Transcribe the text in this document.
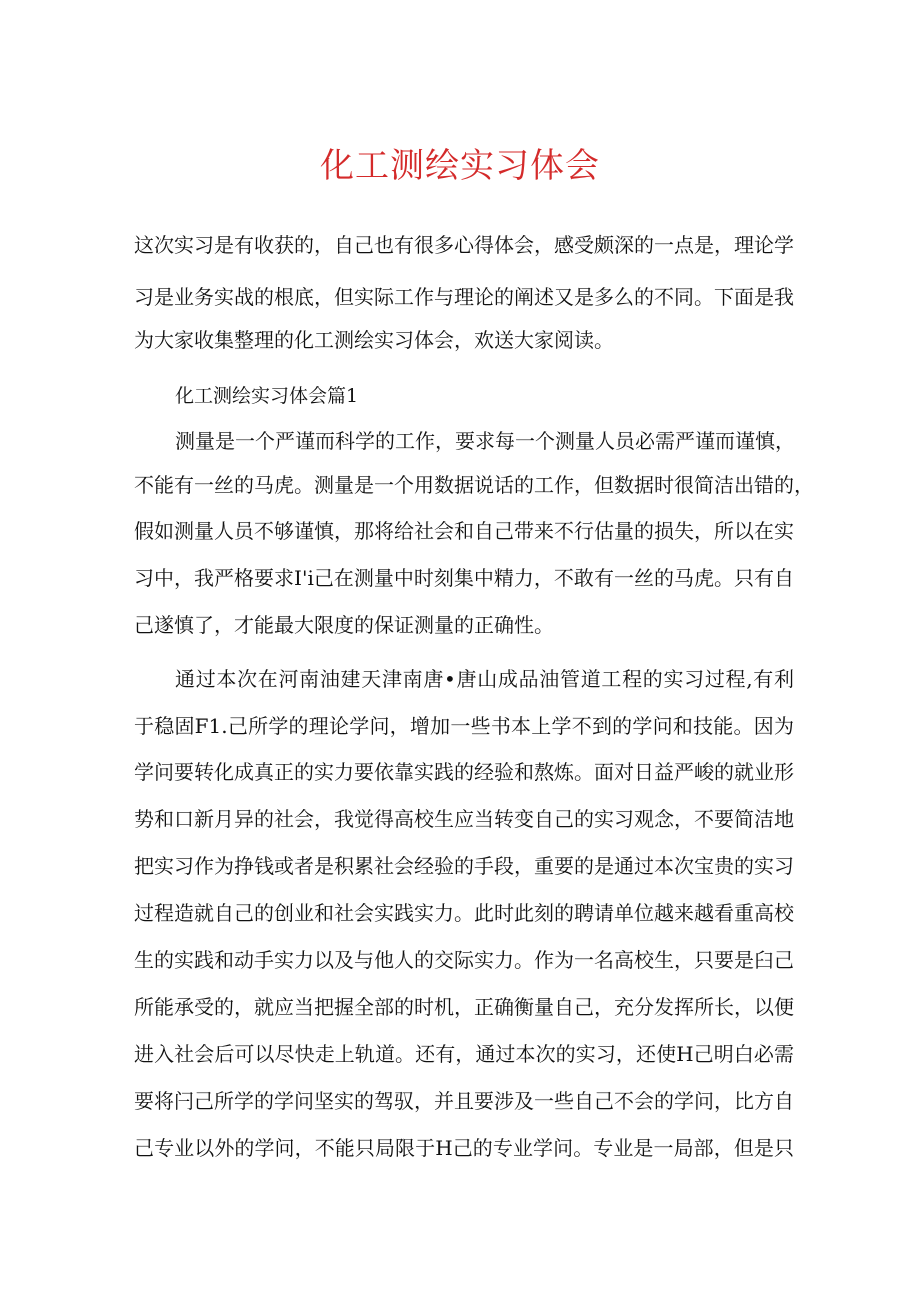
化工测绘实习体会

这次实习是有收获的，自己也有很多心得体会，感受颇深的一点是，理论学

习是业务实战的根底，但实际工作与理论的阐述又是多么的不同。下面是我

为大家收集整理的化工测绘实习体会，欢送大家阅读。

化工测绘实习体会篇1

测量是一个严谨而科学的工作，要求每一个测量人员必需严谨而谨慎，

不能有一丝的马虎。测量是一个用数据说话的工作，但数据时很简洁出错的，

假如测量人员不够谨慎，那将给社会和自己带来不行估量的损失，所以在实

习中，我严格要求I'i己在测量中时刻集中精力，不敢有一丝的马虎。只有自

己遂慎了，才能最大限度的保证测量的正确性。

通过本次在河南油建天津南唐•唐山成品油管道工程的实习过程,有利

于稳固F1.己所学的理论学问，增加一些书本上学不到的学问和技能。因为

学问要转化成真正的实力要依靠实践的经验和熬炼。面对日益严峻的就业形

势和口新月异的社会，我觉得高校生应当转变自己的实习观念，不要简洁地

把实习作为挣钱或者是积累社会经验的手段，重要的是通过本次宝贵的实习

过程造就自己的创业和社会实践实力。此时此刻的聘请单位越来越看重高校

生的实践和动手实力以及与他人的交际实力。作为一名高校生，只要是臼己

所能承受的，就应当把握全部的时机，正确衡量自己，充分发挥所长，以便

进入社会后可以尽快走上轨道。还有，通过本次的实习，还使H己明白必需

要将闩己所学的学问坚实的驾驭，并且要涉及一些自己不会的学问，比方自

己专业以外的学问，不能只局限于H己的专业学问。专业是一局部，但是只
